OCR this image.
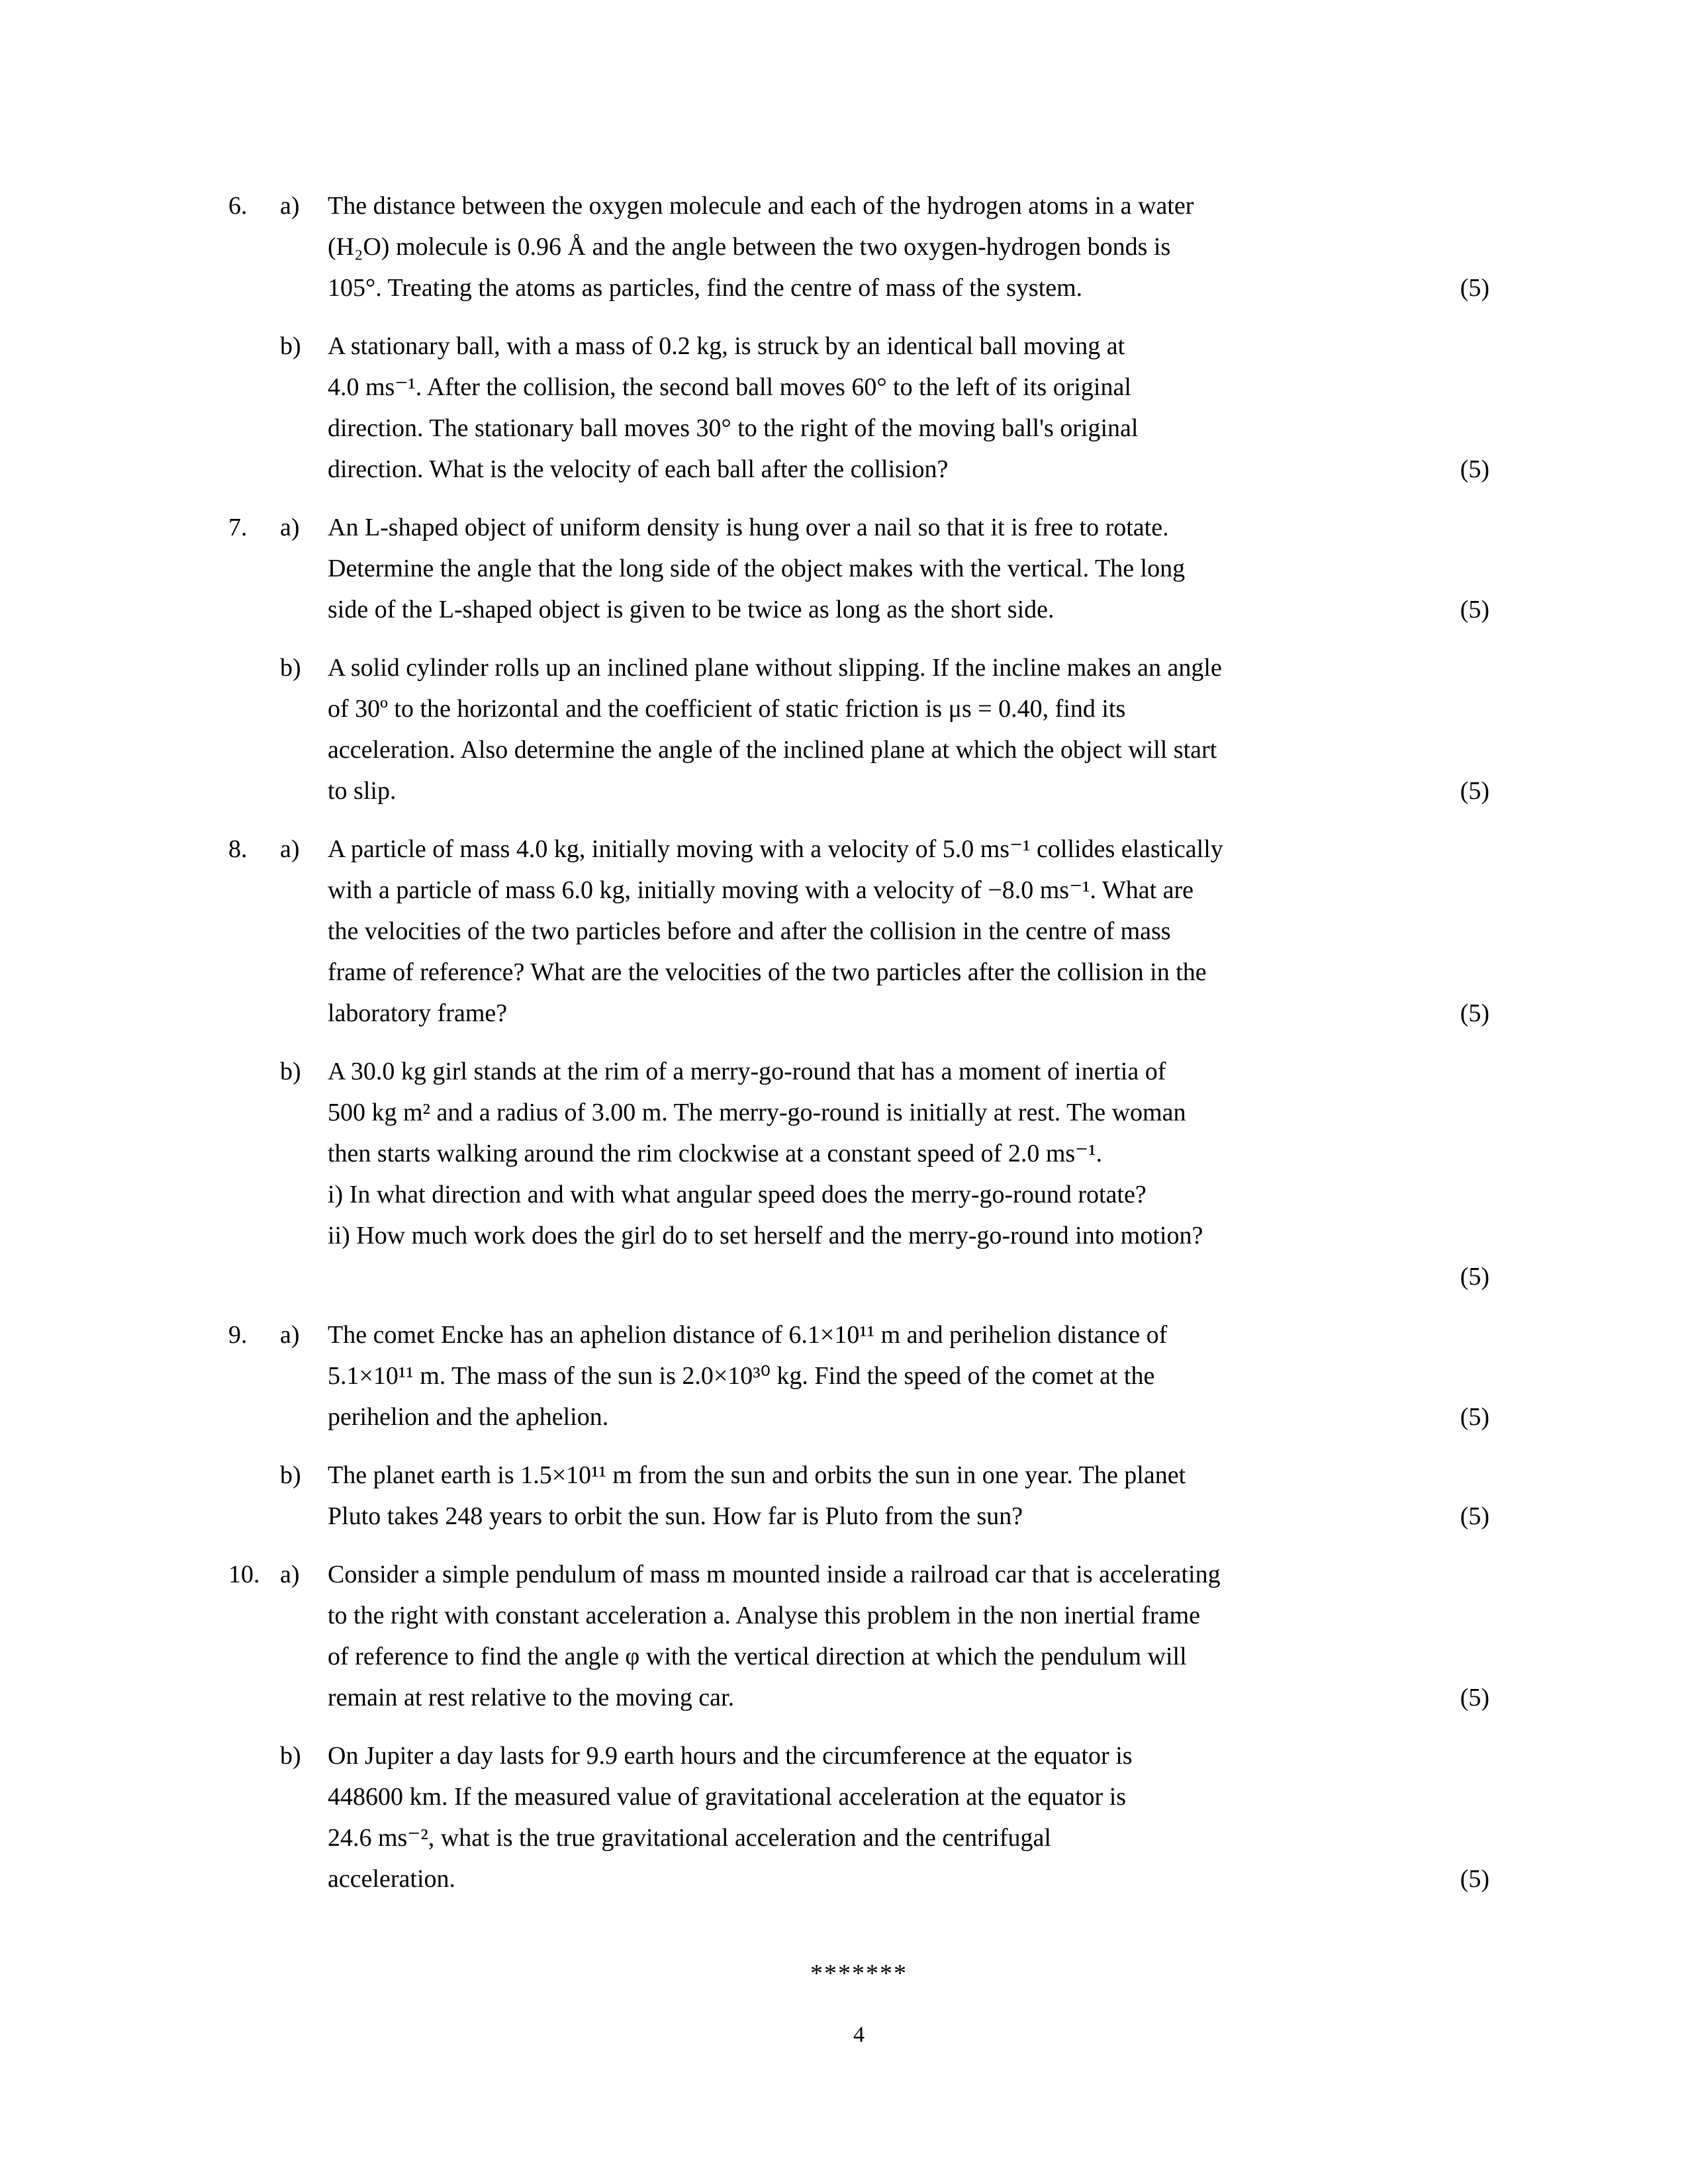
6.	a)	The distance between the oxygen molecule and each of the hydrogen atoms in a water
(H₂O) molecule is 0.96 Å and the angle between the two oxygen-hydrogen bonds is
(5)
105°. Treating the atoms as particles, find the centre of mass of the system.
b)	A stationary ball, with a mass of 0.2 kg, is struck by an identical ball moving at
4.0 ms⁻¹. After the collision, the second ball moves 60° to the left of its original
direction. The stationary ball moves 30° to the right of the moving ball's original
(5)
direction. What is the velocity of each ball after the collision?
7.	a)	An L-shaped object of uniform density is hung over a nail so that it is free to rotate.
Determine the angle that the long side of the object makes with the vertical. The long
(5)
side of the L-shaped object is given to be twice as long as the short side.
b)	A solid cylinder rolls up an inclined plane without slipping. If the incline makes an angle
of 30º to the horizontal and the coefficient of static friction is μs = 0.40, find its
acceleration. Also determine the angle of the inclined plane at which the object will start
(5)
to slip.
8.	a)	A particle of mass 4.0 kg, initially moving with a velocity of 5.0 ms⁻¹ collides elastically
with a particle of mass 6.0 kg, initially moving with a velocity of −8.0 ms⁻¹. What are
the velocities of the two particles before and after the collision in the centre of mass
frame of reference? What are the velocities of the two particles after the collision in the
(5)
laboratory frame?
b)	A 30.0 kg girl stands at the rim of a merry-go-round that has a moment of inertia of
500 kg m² and a radius of 3.00 m. The merry-go-round is initially at rest. The woman
then starts walking around the rim clockwise at a constant speed of 2.0 ms⁻¹.
i) In what direction and with what angular speed does the merry-go-round rotate?
ii) How much work does the girl do to set herself and the merry-go-round into motion?
(5)
9.	a)	The comet Encke has an aphelion distance of 6.1×10¹¹ m and perihelion distance of
5.1×10¹¹ m. The mass of the sun is 2.0×10³⁰ kg. Find the speed of the comet at the
(5)
perihelion and the aphelion.
b)	The planet earth is 1.5×10¹¹ m from the sun and orbits the sun in one year. The planet
(5)
Pluto takes 248 years to orbit the sun. How far is Pluto from the sun?
10. a)	Consider a simple pendulum of mass m mounted inside a railroad car that is accelerating
to the right with constant acceleration a. Analyse this problem in the non inertial frame
of reference to find the angle φ with the vertical direction at which the pendulum will
(5)
remain at rest relative to the moving car.
b)	On Jupiter a day lasts for 9.9 earth hours and the circumference at the equator is
448600 km. If the measured value of gravitational acceleration at the equator is
24.6 ms⁻², what is the true gravitational acceleration and the centrifugal
(5)
acceleration.
*******
4
